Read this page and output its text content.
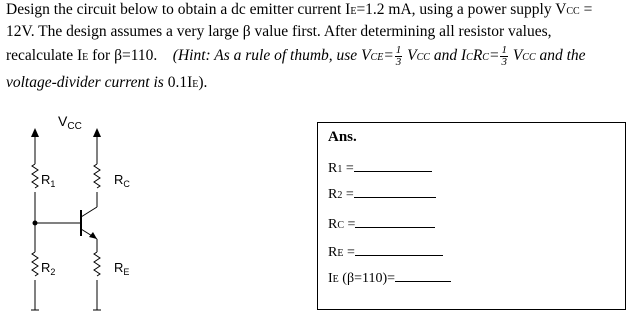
Design the circuit below to obtain a dc emitter current IE=1.2 mA, using a power supply VCC =

12V. The design assumes a very large β value first. After determining all resistor values,

recalculate IE for β=110. (Hint: As a rule of thumb, use $VCE= \frac{1}{3}$ VCC and ICRC= $\frac{1}{3}$ VCC and the

voltage-divider current is 0.1IE).

$V_{CC}$
$R_1$
$R_2$
$R_C$
$R_E$
Ans.
R1 =
R2 =
RC =
RE =
IE (β=110)=
